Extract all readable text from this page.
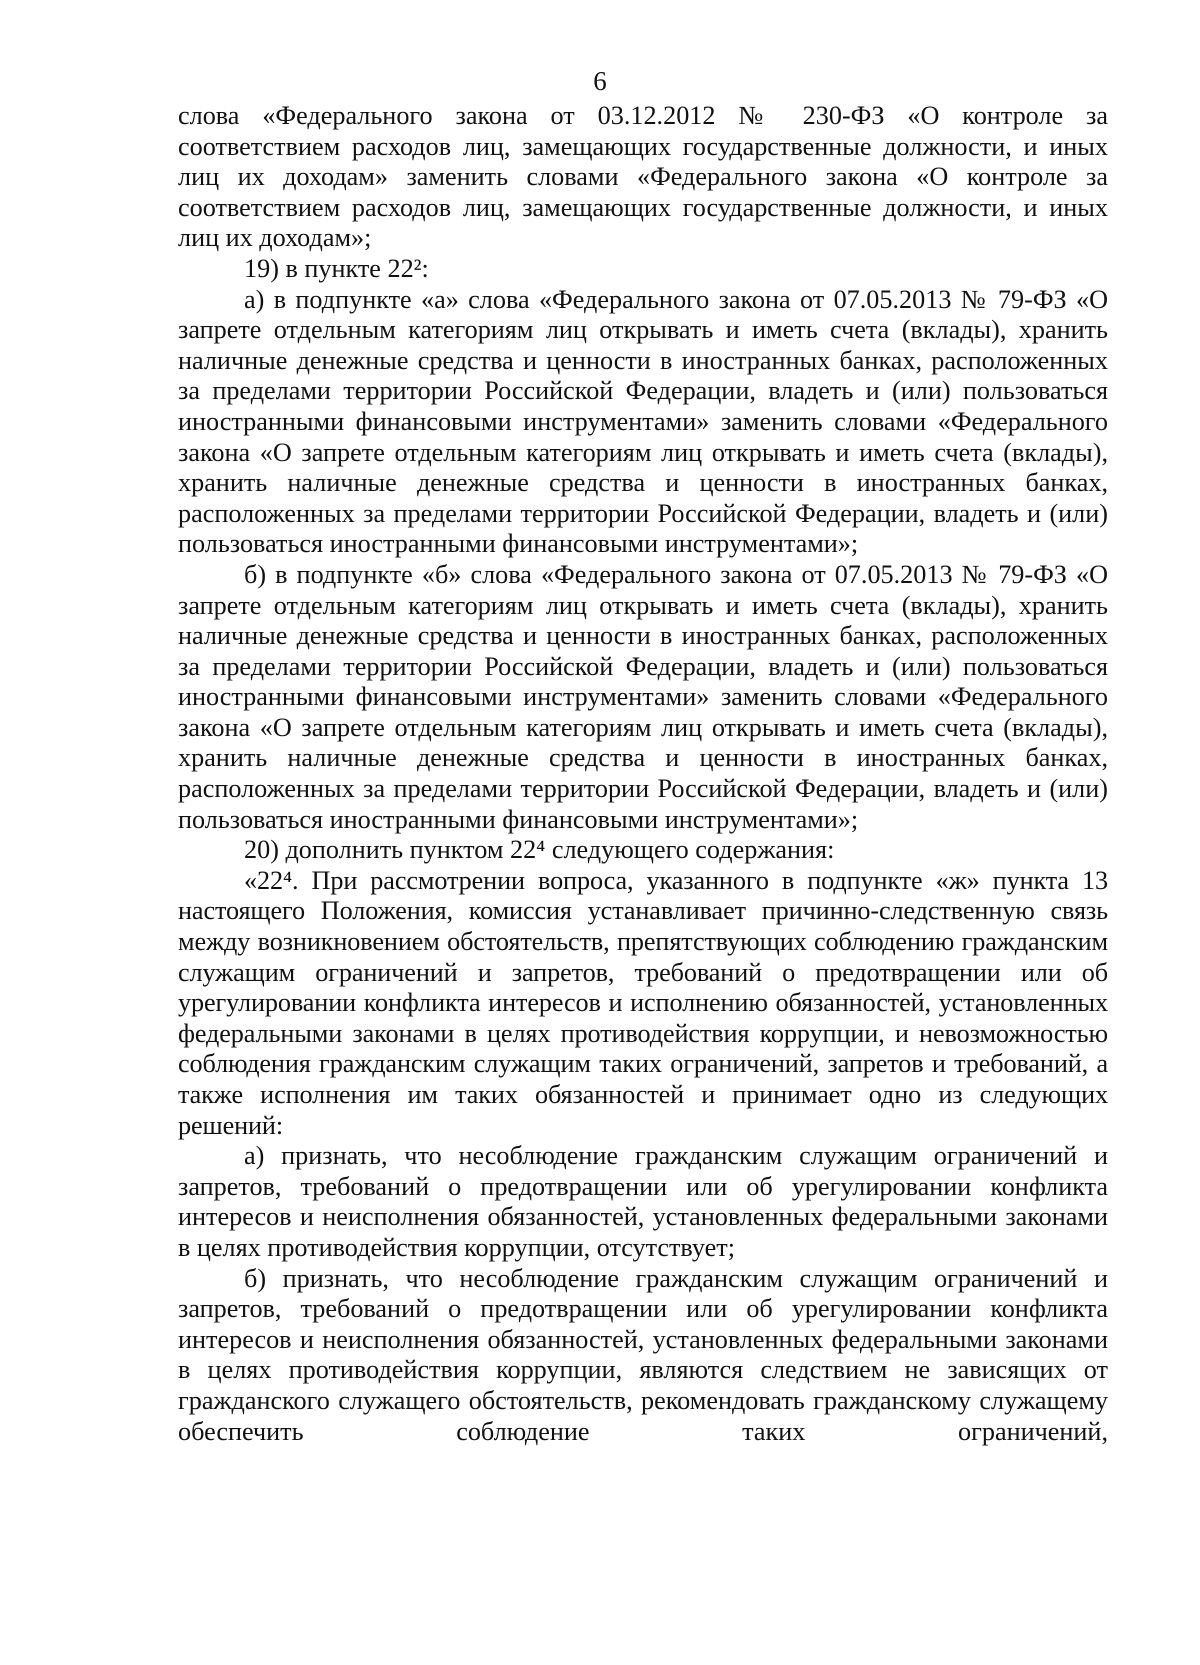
6

слова «Федерального закона от 03.12.2012 № 230-ФЗ «О контроле за соответствием расходов лиц, замещающих государственные должности, и иных лиц их доходам» заменить словами «Федерального закона «О контроле за соответствием расходов лиц, замещающих государственные должности, и иных лиц их доходам»;

19) в пункте 22²:

а) в подпункте «а» слова «Федерального закона от 07.05.2013 № 79-ФЗ «О запрете отдельным категориям лиц открывать и иметь счета (вклады), хранить наличные денежные средства и ценности в иностранных банках, расположенных за пределами территории Российской Федерации, владеть и (или) пользоваться иностранными финансовыми инструментами» заменить словами «Федерального закона «О запрете отдельным категориям лиц открывать и иметь счета (вклады), хранить наличные денежные средства и ценности в иностранных банках, расположенных за пределами территории Российской Федерации, владеть и (или) пользоваться иностранными финансовыми инструментами»;

б) в подпункте «б» слова «Федерального закона от 07.05.2013 № 79-ФЗ «О запрете отдельным категориям лиц открывать и иметь счета (вклады), хранить наличные денежные средства и ценности в иностранных банках, расположенных за пределами территории Российской Федерации, владеть и (или) пользоваться иностранными финансовыми инструментами» заменить словами «Федерального закона «О запрете отдельным категориям лиц открывать и иметь счета (вклады), хранить наличные денежные средства и ценности в иностранных банках, расположенных за пределами территории Российской Федерации, владеть и (или) пользоваться иностранными финансовыми инструментами»;

20) дополнить пунктом 22⁴ следующего содержания:

«22⁴. При рассмотрении вопроса, указанного в подпункте «ж» пункта 13 настоящего Положения, комиссия устанавливает причинно-следственную связь между возникновением обстоятельств, препятствующих соблюдению гражданским служащим ограничений и запретов, требований о предотвращении или об урегулировании конфликта интересов и исполнению обязанностей, установленных федеральными законами в целях противодействия коррупции, и невозможностью соблюдения гражданским служащим таких ограничений, запретов и требований, а также исполнения им таких обязанностей и принимает одно из следующих решений:

а) признать, что несоблюдение гражданским служащим ограничений и запретов, требований о предотвращении или об урегулировании конфликта интересов и неисполнения обязанностей, установленных федеральными законами в целях противодействия коррупции, отсутствует;

б) признать, что несоблюдение гражданским служащим ограничений и запретов, требований о предотвращении или об урегулировании конфликта интересов и неисполнения обязанностей, установленных федеральными законами в целях противодействия коррупции, являются следствием не зависящих от гражданского служащего обстоятельств, рекомендовать гражданскому служащему обеспечить соблюдение таких ограничений,
